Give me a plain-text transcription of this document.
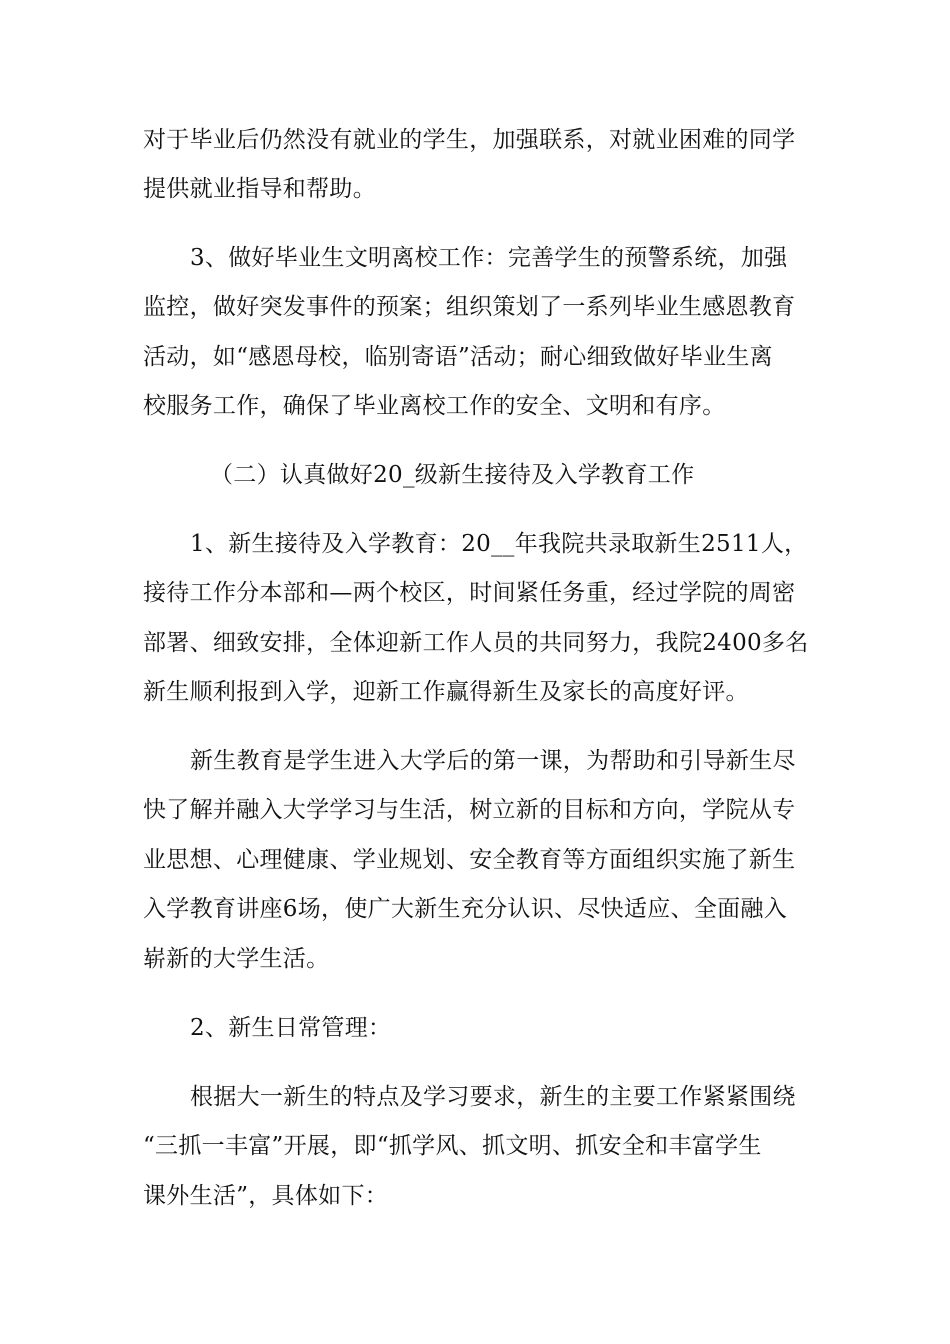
对于毕业后仍然没有就业的学生，加强联系，对就业困难的同学
提供就业指导和帮助。
3、做好毕业生文明离校工作：完善学生的预警系统，加强
监控，做好突发事件的预案；组织策划了一系列毕业生感恩教育
活动，如“感恩母校，临别寄语”活动；耐心细致做好毕业生离
校服务工作，确保了毕业离校工作的安全、文明和有序。
（二）认真做好20_级新生接待及入学教育工作
1、新生接待及入学教育：20__年我院共录取新生2511人，
接待工作分本部和—两个校区，时间紧任务重，经过学院的周密
部署、细致安排，全体迎新工作人员的共同努力，我院2400多名
新生顺利报到入学，迎新工作赢得新生及家长的高度好评。
新生教育是学生进入大学后的第一课，为帮助和引导新生尽
快了解并融入大学学习与生活，树立新的目标和方向，学院从专
业思想、心理健康、学业规划、安全教育等方面组织实施了新生
入学教育讲座6场，使广大新生充分认识、尽快适应、全面融入
崭新的大学生活。
2、新生日常管理：
根据大一新生的特点及学习要求，新生的主要工作紧紧围绕
“三抓一丰富”开展，即“抓学风、抓文明、抓安全和丰富学生
课外生活”，具体如下：
